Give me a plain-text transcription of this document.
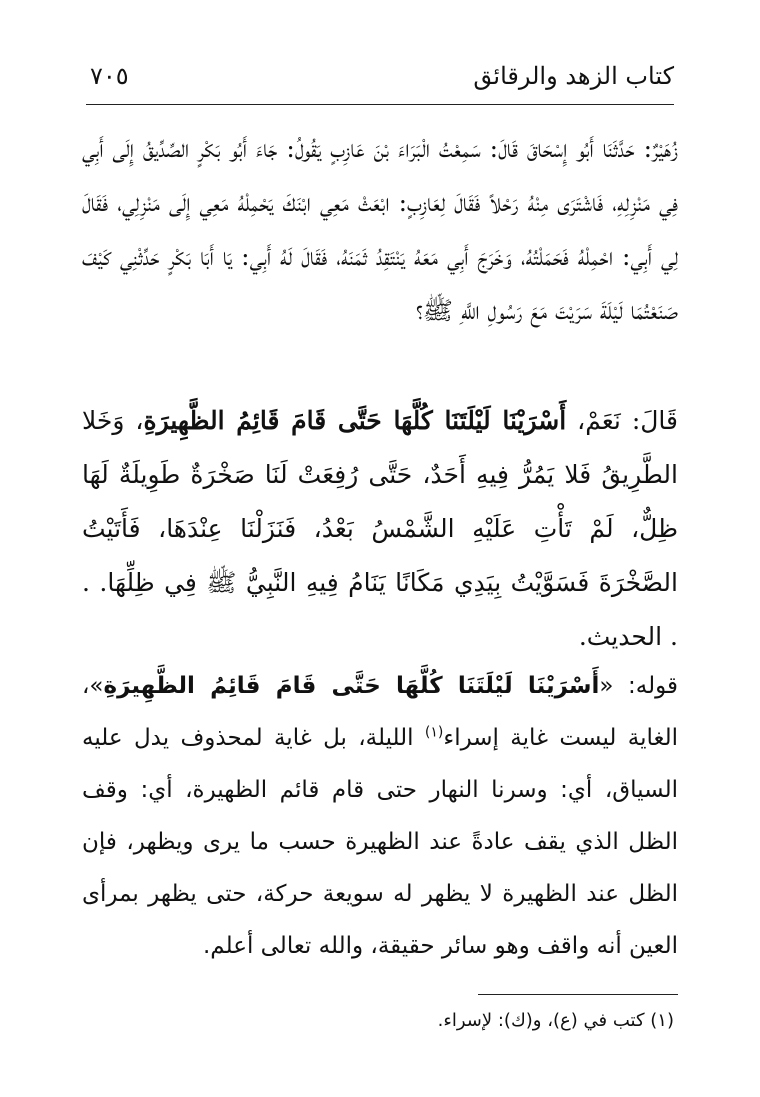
كتاب الزهد والرقائق
٧٠٥
زُهَيْرٌ: حَدَّثَنَا أَبُو إِسْحَاقَ قَالَ: سَمِعْتُ الْبَرَاءَ بْنَ عَازِبٍ يَقُولُ: جَاءَ أَبُو بَكْرٍ الصِّدِّيقُ إِلَى أَبِي فِي مَنْزِلِهِ، فَاشْتَرَى مِنْهُ رَحْلاً فَقَالَ لِعَازِبٍ: ابْعَثْ مَعِي ابْنَكَ يَحْمِلْهُ مَعِي إِلَى مَنْزِلِي، فَقَالَ لِي أَبِي: احْمِلْهُ فَحَمَلْتُهُ، وَخَرَجَ أَبِي مَعَهُ يَنْتَقِدُ ثَمَنَهُ، فَقَالَ لَهُ أَبِي: يَا أَبَا بَكْرٍ حَدِّثْنِي كَيْفَ صَنَعْتُمَا لَيْلَةَ سَرَيْتَ مَعَ رَسُولِ اللَّهِ ﷺ؟
قَالَ: نَعَمْ، أَسْرَيْنَا لَيْلَتَنَا كُلَّهَا حَتَّى قَامَ قَائِمُ الظَّهِيرَةِ، وَخَلا الطَّرِيقُ فَلا يَمُرُّ فِيهِ أَحَدٌ، حَتَّى رُفِعَتْ لَنَا صَخْرَةٌ طَوِيلَةٌ لَهَا ظِلٌّ، لَمْ تَأْتِ عَلَيْهِ الشَّمْسُ بَعْدُ، فَنَزَلْنَا عِنْدَهَا، فَأَتَيْتُ الصَّخْرَةَ فَسَوَّيْتُ بِيَدِي مَكَانًا يَنَامُ فِيهِ النَّبِيُّ ﷺ فِي ظِلِّهَا. . . الحديث.
قوله: «أَسْرَيْنَا لَيْلَتَنَا كُلَّهَا حَتَّى قَامَ قَائِمُ الظَّهِيرَةِ»، الغاية ليست غاية إسراء$^{(١)}$ الليلة، بل غاية لمحذوف يدل عليه السياق، أي: وسرنا النهار حتى قام قائم الظهيرة، أي: وقف الظل الذي يقف عادةً عند الظهيرة حسب ما يرى ويظهر، فإن الظل عند الظهيرة لا يظهر له سويعة حركة، حتى يظهر بمرأى العين أنه واقف وهو سائر حقيقة، والله تعالى أعلم.
(١) كتب في (ع)، و(ك): لإسراء.
